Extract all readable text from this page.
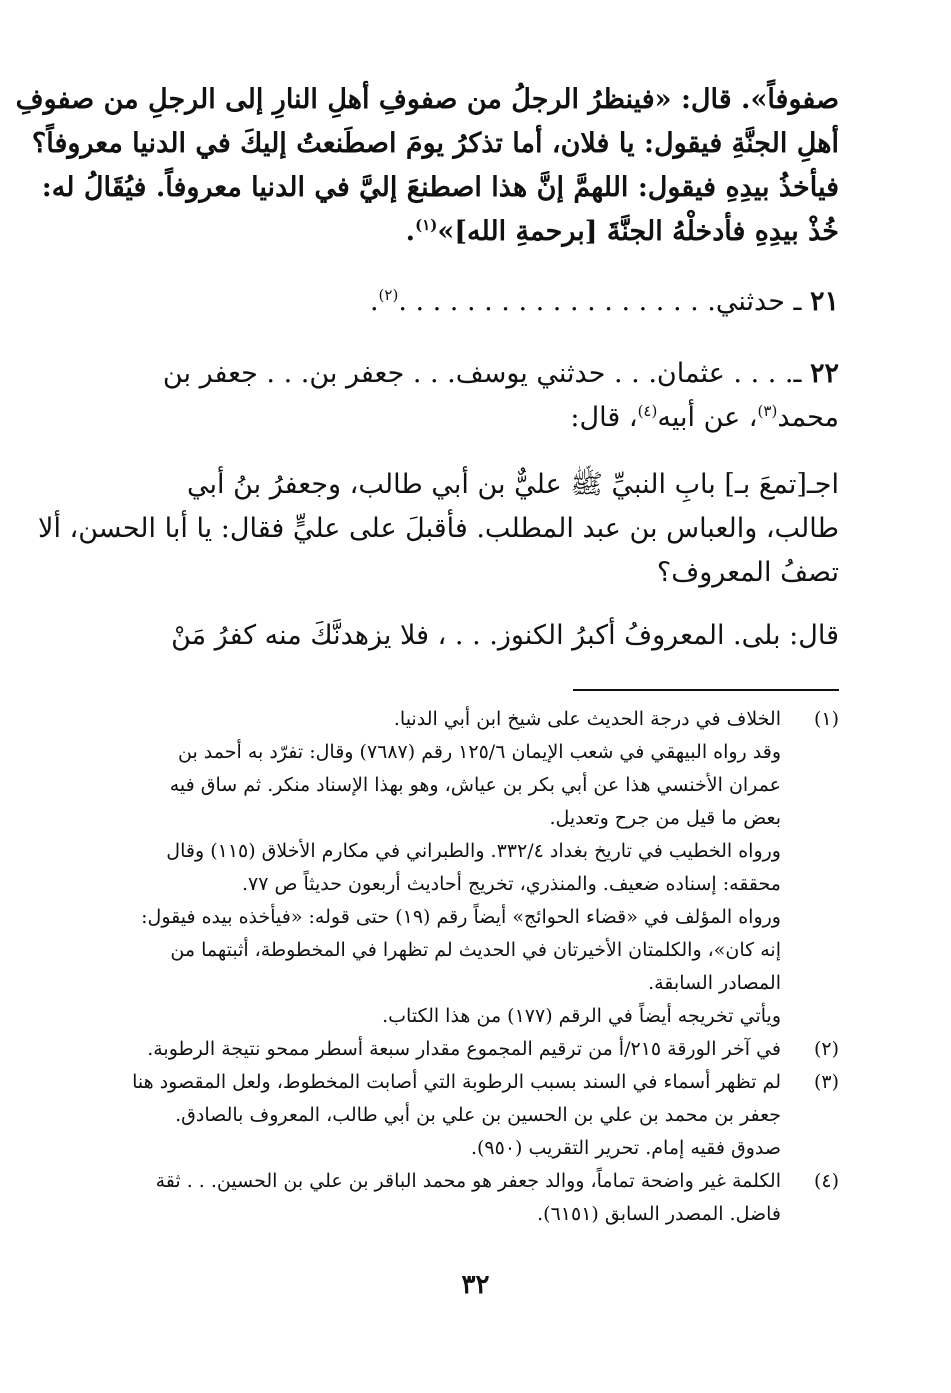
صفوفاً». قال: «فينظرُ الرجلُ من صفوفِ أهلِ النارِ إلى الرجلِ من صفوفِ
أهلِ الجنَّةِ فيقول: يا فلان، أما تذكرُ يومَ اصطَنعتُ إليكَ في الدنيا معروفاً؟
فيأخذُ بيدِهِ فيقول: اللهمَّ إنَّ هذا اصطنعَ إليَّ في الدنيا معروفاً. فيُقَالُ له:
خُذْ بيدِهِ فأدخلْهُ الجنَّةَ [برحمةِ الله]»$^{(١)}$.
٢١ ـ حدثني. . . . . . . . . . . . . . . . . . .$^{(٢)}$.
٢٢ ـ. . . . عثمان. . . حدثني يوسف. . . جعفر بن. . . جعفر بن
محمد$^{(٣)}$، عن أبيه$^{(٤)}$، قال:
اجـ[تمعَ بـ] بابِ النبيِّ ﷺ عليٌّ بن أبي طالب، وجعفرُ بنُ أبي
طالب، والعباس بن عبد المطلب. فأقبلَ على عليٍّ فقال: يا أبا الحسن، ألا
تصفُ المعروف؟
قال: بلى. المعروفُ أكبرُ الكنوز. . . ، فلا يزهدنَّكَ منه كفرُ مَنْ
(١)
الخلاف في درجة الحديث على شيخ ابن أبي الدنيا.
وقد رواه البيهقي في شعب الإيمان ١٢٥/٦ رقم (٧٦٨٧) وقال: تفرّد به أحمد بن
عمران الأخنسي هذا عن أبي بكر بن عياش، وهو بهذا الإسناد منكر. ثم ساق فيه
بعض ما قيل من جرح وتعديل.
ورواه الخطيب في تاريخ بغداد ٣٣٢/٤. والطبراني في مكارم الأخلاق (١١٥) وقال
محققه: إسناده ضعيف. والمنذري، تخريج أحاديث أربعون حديثاً ص ٧٧.
ورواه المؤلف في «قضاء الحوائج» أيضاً رقم (١٩) حتى قوله: «فيأخذه بيده فيقول:
إنه كان»، والكلمتان الأخيرتان في الحديث لم تظهرا في المخطوطة، أثبتهما من
المصادر السابقة.
ويأتي تخريجه أيضاً في الرقم (١٧٧) من هذا الكتاب.
(٢)
في آخر الورقة ٢١٥/أ من ترقيم المجموع مقدار سبعة أسطر ممحو نتيجة الرطوبة.
(٣)
لم تظهر أسماء في السند بسبب الرطوبة التي أصابت المخطوط، ولعل المقصود هنا
جعفر بن محمد بن علي بن الحسين بن علي بن أبي طالب، المعروف بالصادق.
صدوق فقيه إمام. تحرير التقريب (٩٥٠).
(٤)
الكلمة غير واضحة تماماً، ووالد جعفر هو محمد الباقر بن علي بن الحسين. . . ثقة
فاضل. المصدر السابق (٦١٥١).
٣٢
